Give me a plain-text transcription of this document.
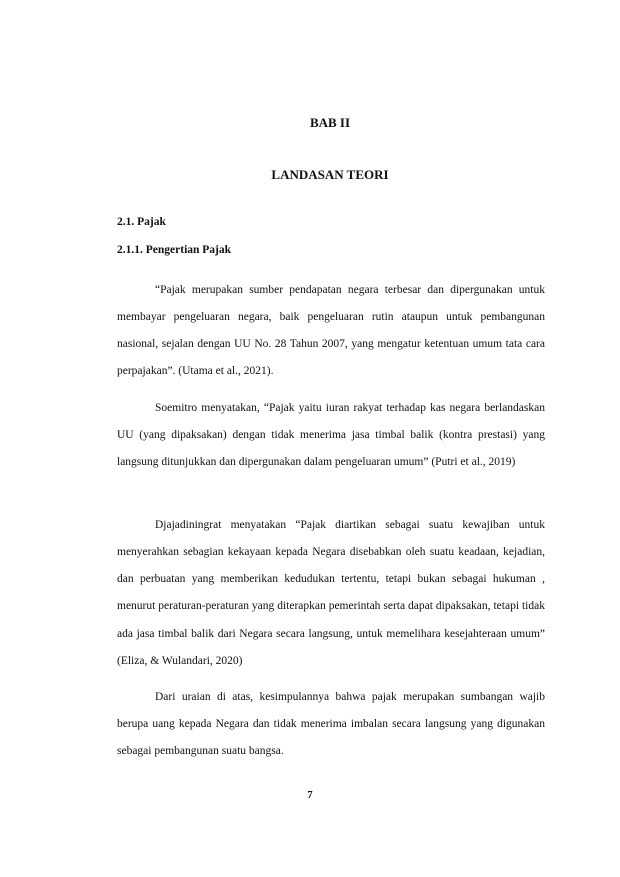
BAB II
LANDASAN TEORI
2.1. Pajak
2.1.1. Pengertian Pajak

“Pajak merupakan sumber pendapatan negara terbesar dan dipergunakan untuk membayar pengeluaran negara, baik pengeluaran rutin ataupun untuk pembangunan nasional, sejalan dengan UU No. 28 Tahun 2007, yang mengatur ketentuan umum tata cara perpajakan”. (Utama et al., 2021).

Soemitro menyatakan, “Pajak yaitu iuran rakyat terhadap kas negara berlandaskan UU (yang dipaksakan) dengan tidak menerima jasa timbal balik (kontra prestasi) yang langsung ditunjukkan dan dipergunakan dalam pengeluaran umum” (Putri et al., 2019)

Djajadiningrat menyatakan “Pajak diartikan sebagai suatu kewajiban untuk menyerahkan sebagian kekayaan kepada Negara disebabkan oleh suatu keadaan, kejadian, dan perbuatan yang memberikan kedudukan tertentu, tetapi bukan sebagai hukuman , menurut peraturan-peraturan yang diterapkan pemerintah serta dapat dipaksakan, tetapi tidak ada jasa timbal balik dari Negara secara langsung, untuk memelihara kesejahteraan umum” (Eliza, & Wulandari, 2020)

Dari uraian di atas, kesimpulannya bahwa pajak merupakan sumbangan wajib berupa uang kepada Negara dan tidak menerima imbalan secara langsung yang digunakan sebagai pembangunan suatu bangsa.

7
